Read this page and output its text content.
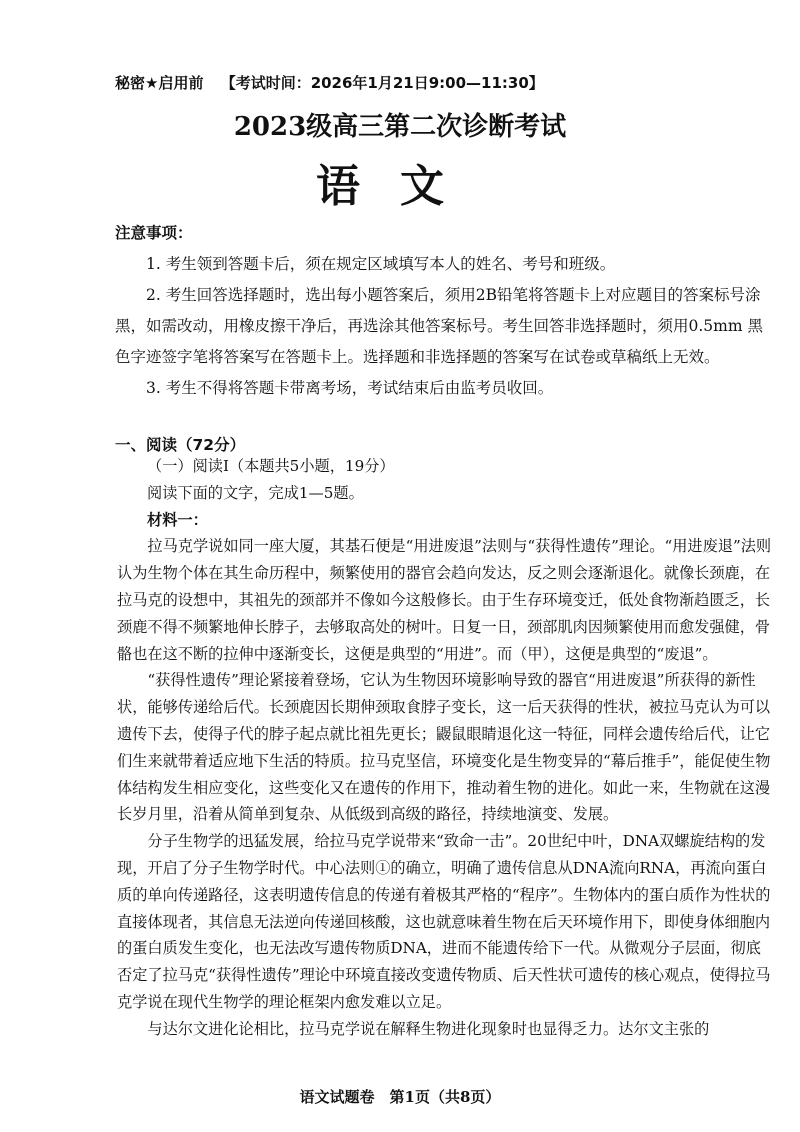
秘密★启用前 【考试时间：2026年1月21日9:00—11:30】
2023级高三第二次诊断考试
语文

注意事项：

1. 考生领到答题卡后，须在规定区域填写本人的姓名、考号和班级。

2. 考生回答选择题时，选出每小题答案后，须用2B铅笔将答题卡上对应题目的答案标号涂黑，如需改动，用橡皮擦干净后，再选涂其他答案标号。考生回答非选择题时，须用0.5mm 黑色字迹签字笔将答案写在答题卡上。选择题和非选择题的答案写在试卷或草稿纸上无效。

3. 考生不得将答题卡带离考场，考试结束后由监考员收回。

一、阅读（72分）

（一）阅读Ⅰ（本题共5小题，19分）

阅读下面的文字，完成1—5题。

材料一：

拉马克学说如同一座大厦，其基石便是“用进废退”法则与“获得性遗传”理论。“用进废退”法则认为生物个体在其生命历程中，频繁使用的器官会趋向发达，反之则会逐渐退化。就像长颈鹿，在拉马克的设想中，其祖先的颈部并不像如今这般修长。由于生存环境变迁，低处食物渐趋匮乏，长颈鹿不得不频繁地伸长脖子，去够取高处的树叶。日复一日，颈部肌肉因频繁使用而愈发强健，骨骼也在这不断的拉伸中逐渐变长，这便是典型的“用进”。而（甲），这便是典型的“废退”。

“获得性遗传”理论紧接着登场，它认为生物因环境影响导致的器官“用进废退”所获得的新性状，能够传递给后代。长颈鹿因长期伸颈取食脖子变长，这一后天获得的性状，被拉马克认为可以遗传下去，使得子代的脖子起点就比祖先更长；鼹鼠眼睛退化这一特征，同样会遗传给后代，让它们生来就带着适应地下生活的特质。拉马克坚信，环境变化是生物变异的“幕后推手”，能促使生物体结构发生相应变化，这些变化又在遗传的作用下，推动着生物的进化。如此一来，生物就在这漫长岁月里，沿着从简单到复杂、从低级到高级的路径，持续地演变、发展。

分子生物学的迅猛发展，给拉马克学说带来“致命一击”。20世纪中叶，DNA双螺旋结构的发现，开启了分子生物学时代。中心法则①的确立，明确了遗传信息从DNA流向RNA，再流向蛋白质的单向传递路径，这表明遗传信息的传递有着极其严格的“程序”。生物体内的蛋白质作为性状的直接体现者，其信息无法逆向传递回核酸，这也就意味着生物在后天环境作用下，即使身体细胞内的蛋白质发生变化，也无法改写遗传物质DNA，进而不能遗传给下一代。从微观分子层面，彻底否定了拉马克“获得性遗传”理论中环境直接改变遗传物质、后天性状可遗传的核心观点，使得拉马克学说在现代生物学的理论框架内愈发难以立足。

与达尔文进化论相比，拉马克学说在解释生物进化现象时也显得乏力。达尔文主张的

语文试题卷　第1页（共8页）
